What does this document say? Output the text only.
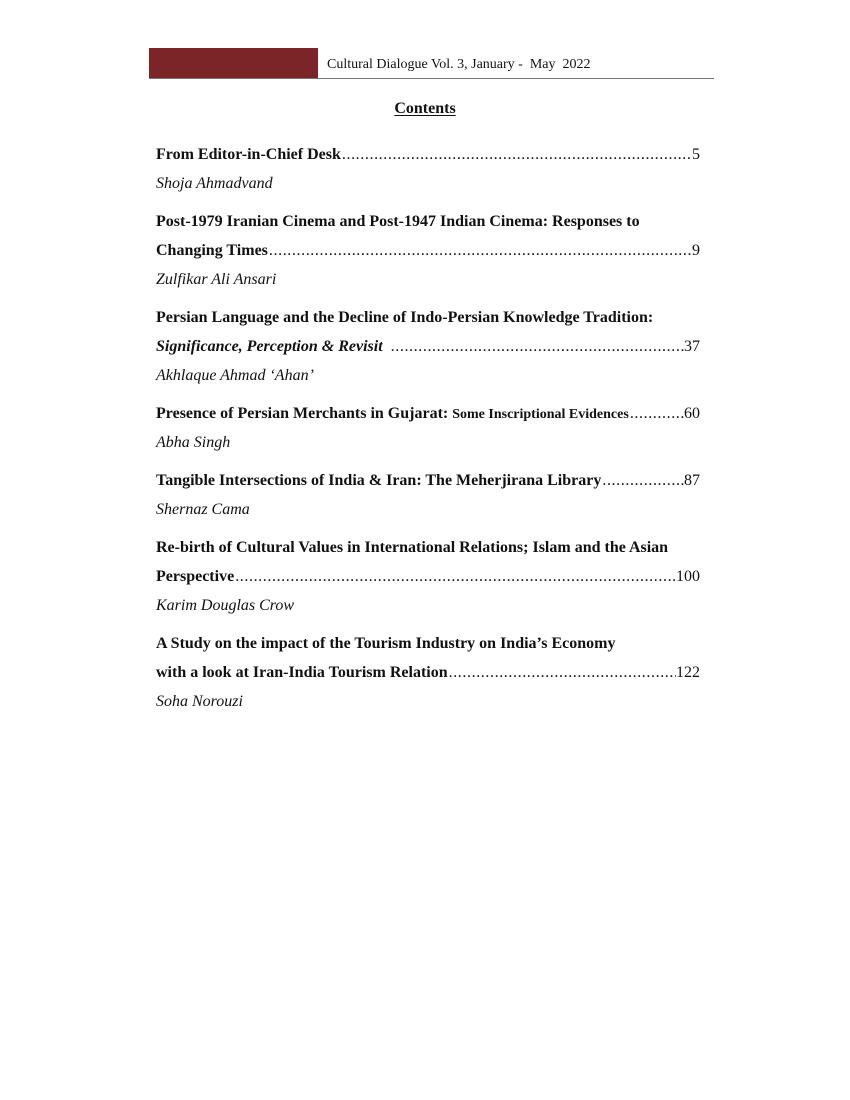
Cultural Dialogue Vol. 3, January -  May  2022
Contents
From Editor-in-Chief Desk .....	5
Shoja Ahmadvand
Post-1979 Iranian Cinema and Post-1947 Indian Cinema: Responses to
Changing Times .....	9
Zulfikar Ali Ansari
Persian Language and the Decline of Indo-Persian Knowledge Tradition:
Significance, Perception & Revisit .....	37
Akhlaque Ahmad ‘Ahan’
Presence of Persian Merchants in Gujarat: Some Inscriptional Evidences .....	60
Abha Singh
Tangible Intersections of India & Iran: The Meherjirana Library .....	87
Shernaz Cama
Re-birth of Cultural Values in International Relations; Islam and the Asian
Perspective .....	100
Karim Douglas Crow
A Study on the impact of the Tourism Industry on India’s Economy
with a look at Iran-India Tourism Relation .....	122
Soha Norouzi
